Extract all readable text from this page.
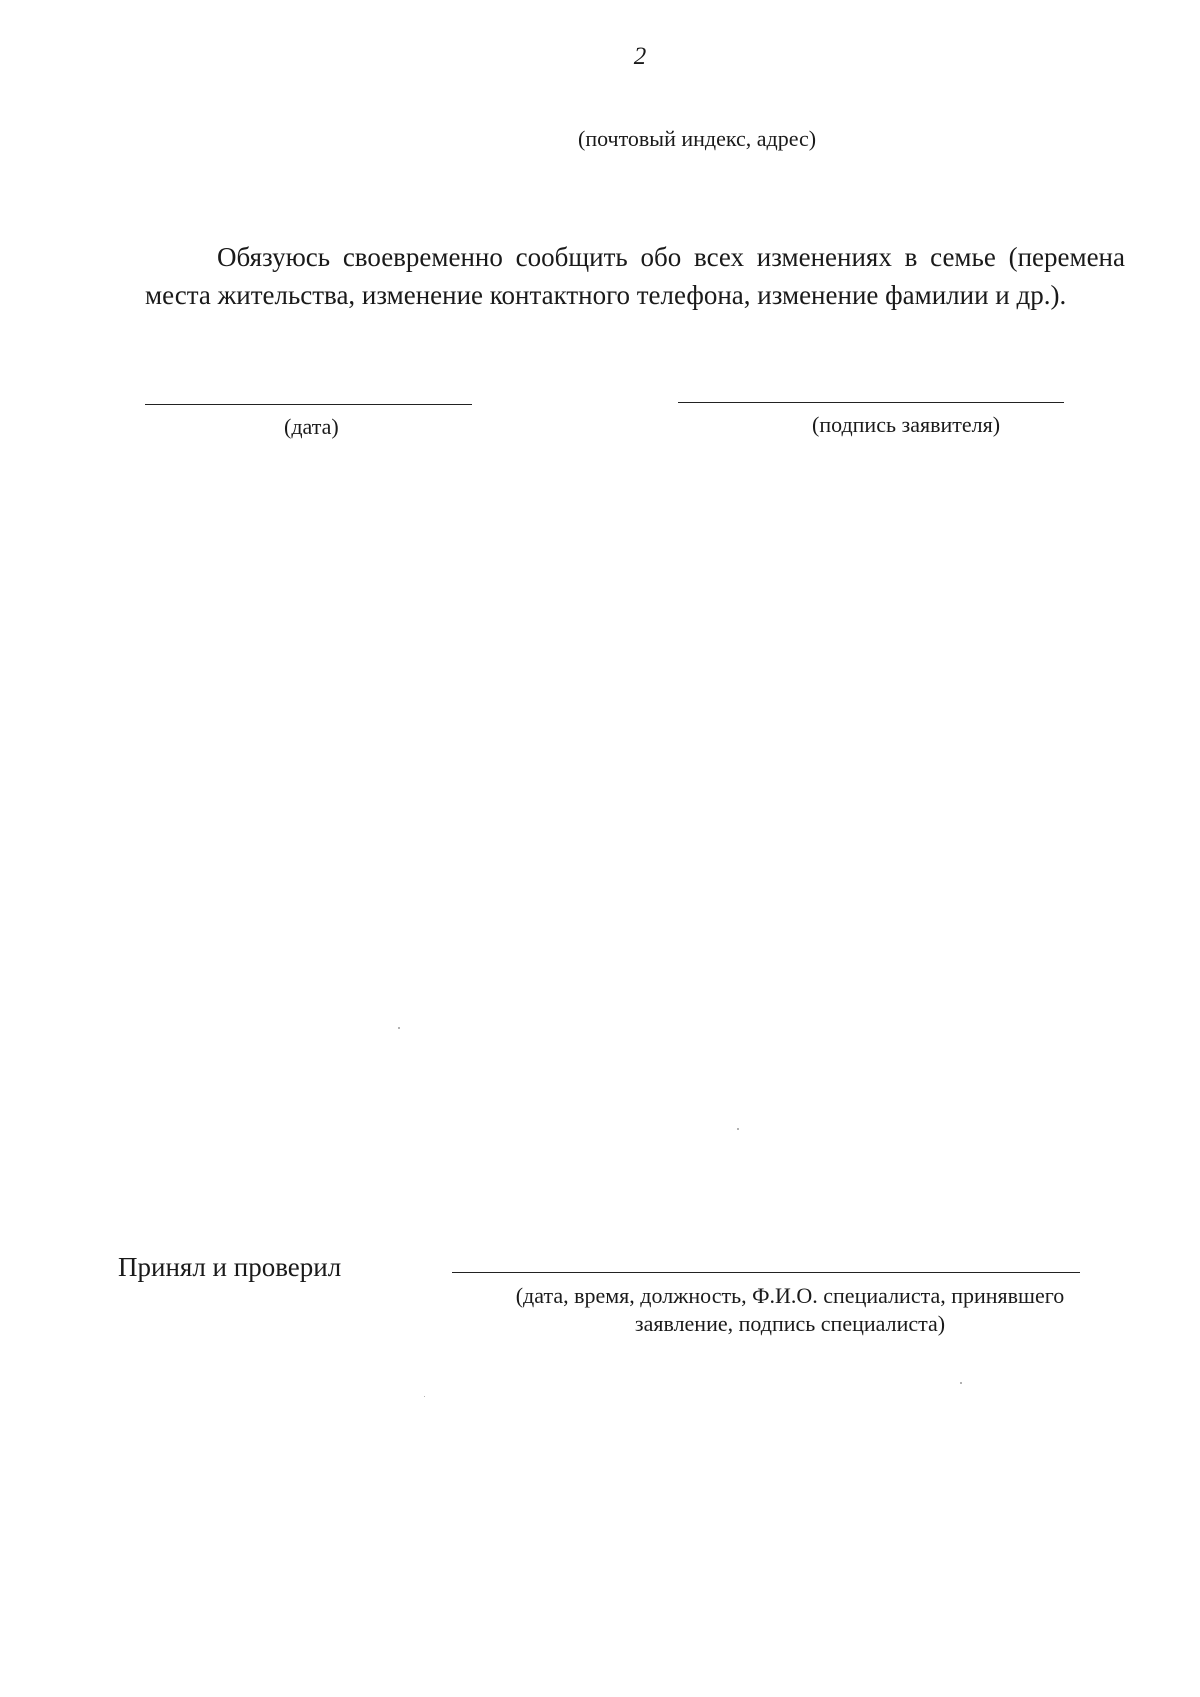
2
(почтовый индекс, адрес)
Обязуюсь своевременно сообщить обо всех изменениях в семье (перемена
места жительства, изменение контактного телефона, изменение фамилии и др.).
(дата)	(подпись заявителя)
Принял и проверил
(дата, время, должность, Ф.И.О. специалиста, принявшего
заявление, подпись специалиста)
